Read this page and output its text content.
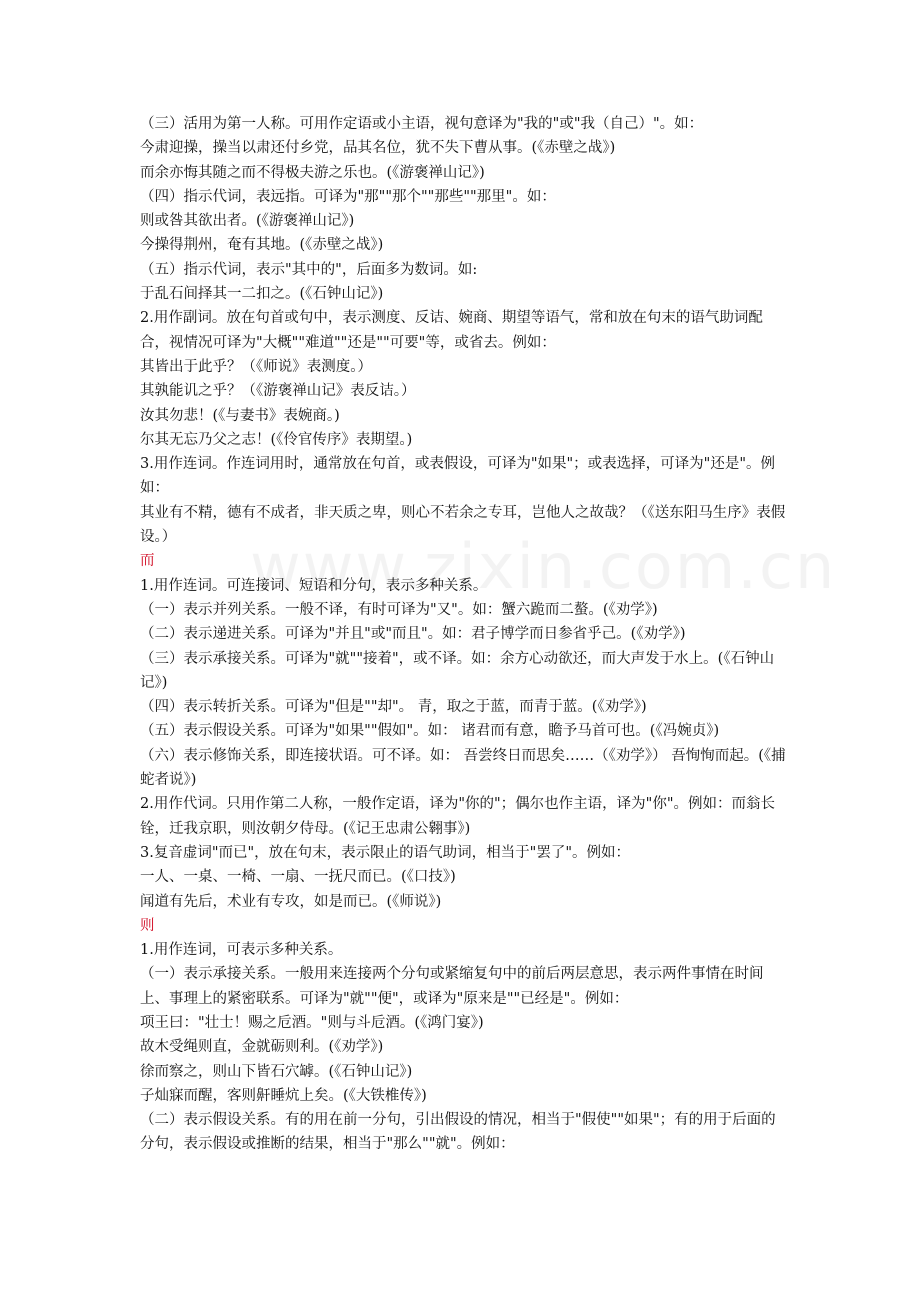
（三）活用为第一人称。可用作定语或小主语，视句意译为"我的"或"我（自己）"。如：

今肃迎操，操当以肃还付乡党，品其名位，犹不失下曹从事。(《赤壁之战》)

而余亦悔其随之而不得极夫游之乐也。(《游褒禅山记》)

（四）指示代词，表远指。可译为"那""那个""那些""那里"。如：

则或咎其欲出者。(《游褒禅山记》)

今操得荆州，奄有其地。(《赤壁之战》)

（五）指示代词，表示"其中的"，后面多为数词。如:

于乱石间择其一二扣之。(《石钟山记》)

2.用作副词。放在句首或句中，表示测度、反诘、婉商、期望等语气，常和放在句末的语气助词配合，视情况可译为"大概""难道""还是""可要"等，或省去。例如：

其皆出于此乎？（《师说》表测度。）

其孰能讥之乎？（《游褒禅山记》表反诘。）

汝其勿悲！(《与妻书》表婉商。)

尔其无忘乃父之志！(《伶官传序》表期望。)

3.用作连词。作连词用时，通常放在句首，或表假设，可译为"如果"；或表选择，可译为"还是"。例如：

其业有不精，德有不成者，非天质之卑，则心不若余之专耳，岂他人之故哉？（《送东阳马生序》表假设。）

而

1.用作连词。可连接词、短语和分句，表示多种关系。

（一）表示并列关系。一般不译，有时可译为"又"。如：蟹六跪而二螯。(《劝学》)

（二）表示递进关系。可译为"并且"或"而且"。如：君子博学而日参省乎己。(《劝学》)

（三）表示承接关系。可译为"就""接着"，或不译。如：余方心动欲还，而大声发于水上。(《石钟山记》)

（四）表示转折关系。可译为"但是""却"。 青，取之于蓝，而青于蓝。(《劝学》)

（五）表示假设关系。可译为"如果""假如"。如： 诸君而有意，瞻予马首可也。(《冯婉贞》)

（六）表示修饰关系，即连接状语。可不译。如： 吾尝终日而思矣……（《劝学》） 吾恂恂而起。(《捕蛇者说》)

2.用作代词。只用作第二人称，一般作定语，译为"你的"；偶尔也作主语，译为"你"。例如：而翁长铨，迁我京职，则汝朝夕侍母。(《记王忠肃公翱事》)

3.复音虚词"而已"，放在句末，表示限止的语气助词，相当于"罢了"。例如：

一人、一桌、一椅、一扇、一抚尺而已。(《口技》)

闻道有先后，术业有专攻，如是而已。(《师说》)

则

1.用作连词，可表示多种关系。

（一）表示承接关系。一般用来连接两个分句或紧缩复句中的前后两层意思，表示两件事情在时间上、事理上的紧密联系。可译为"就""便"，或译为"原来是""已经是"。例如：

项王曰："壮士！赐之卮酒。"则与斗卮酒。(《鸿门宴》)

故木受绳则直，金就砺则利。(《劝学》)

徐而察之，则山下皆石穴罅。(《石钟山记》)

子灿寐而醒，客则鼾睡炕上矣。(《大铁椎传》)

（二）表示假设关系。有的用在前一分句，引出假设的情况，相当于"假使""如果"；有的用于后面的分句，表示假设或推断的结果，相当于"那么""就"。例如：
